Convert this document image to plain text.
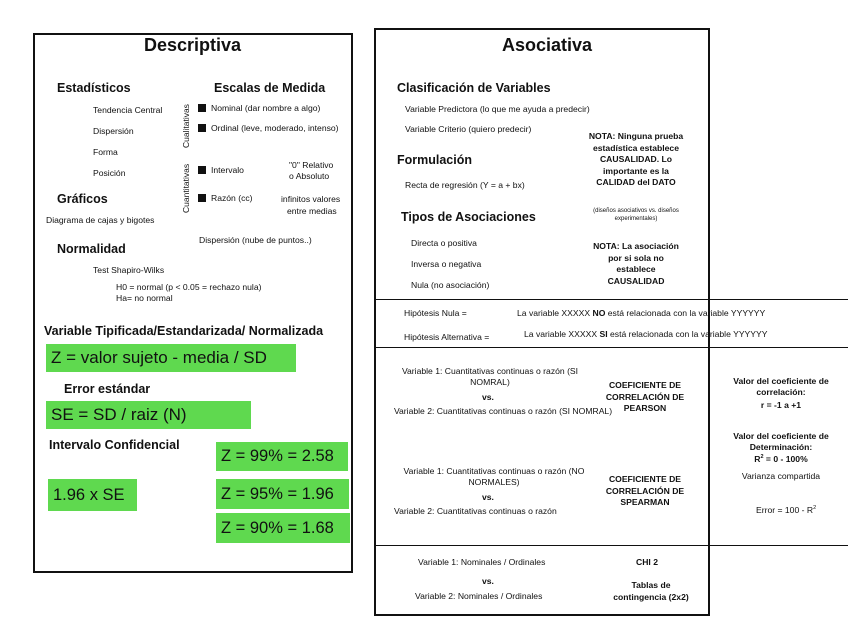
Descriptiva
Estadísticos
Tendencia Central
Dispersión
Forma
Posición
Escalas de Medida
Cualitativas
Cuantitativas
Nominal (dar nombre a algo)
Ordinal (leve, moderado, intenso)
Intervalo
Razón (cc)
"0" Relativo
o Absoluto
infinitos valores
entre medias
Gráficos
Diagrama de cajas y bigotes
Dispersión (nube de puntos..)
Normalidad
Test Shapiro-Wilks
H0 = normal (p < 0.05 = rechazo nula)
Ha= no normal
Variable Tipificada/Estandarizada/ Normalizada
Z = valor sujeto - media / SD
Error estándar
SE = SD / raiz (N)
Intervalo Confidencial
Z = 99% = 2.58
Z = 95% = 1.96
Z = 90% = 1.68
1.96 x SE
Asociativa
Clasificación de Variables
Variable Predictora (lo que me ayuda a predecir)
Variable Criterio (quiero predecir)
NOTA: Ninguna prueba
estadística establece
CAUSALIDAD. Lo
importante es la
CALIDAD del DATO
Formulación
Recta de regresión (Y = a + bx)
(diseños asociativos vs. diseños
experimentales)
Tipos de Asociaciones
Directa o positiva
Inversa o negativa
Nula (no asociación)
NOTA: La asociación
por si sola no
establece
CAUSALIDAD
Hipótesis Nula =	La variable XXXXX NO está relacionada con la variable YYYYYY
Hipótesis Alternativa =	La variable XXXXX SI está relacionada con la variable YYYYYY
Variable 1: Cuantitativas continuas o razón (SI NOMRAL)
vs.
Variable 2: Cuantitativas continuas o razón (SI NOMRAL)
COEFICIENTE DE CORRELACIÓN DE PEARSON
Variable 1: Cuantitativas continuas o razón (NO NORMALES)
vs.
Variable 2: Cuantitativas continuas o razón
COEFICIENTE DE CORRELACIÓN DE SPEARMAN
Valor del coeficiente de correlación:
r = -1 a +1
Valor del coeficiente de Determinación:
$R^2 = 0 - 100\%$
Varianza compartida
Error = $100 - R^2$
Variable 1: Nominales / Ordinales
vs.
Variable 2: Nominales / Ordinales
CHI 2
Tablas de
contingencia (2x2)
